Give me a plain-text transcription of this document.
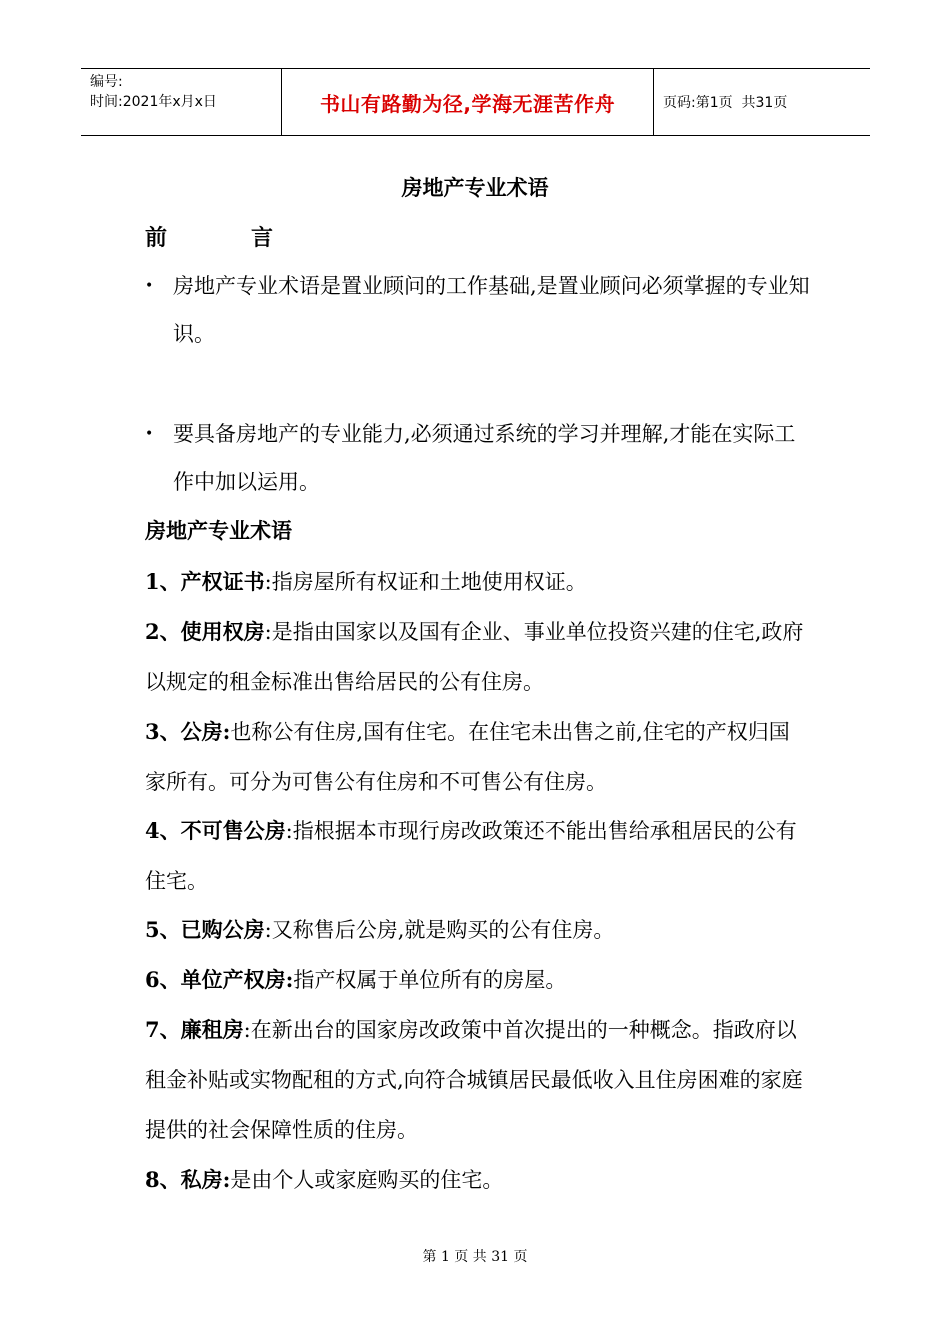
编号:
时间:2021年x月x日	书山有路勤为径,学海无涯苦作舟	页码:第1页  共31页
房地产专业术语
前	言
• 房地产专业术语是置业顾问的工作基础,是置业顾问必须掌握的专业知识。
• 要具备房地产的专业能力,必须通过系统的学习并理解,才能在实际工作中加以运用。
房地产专业术语
1、产权证书:指房屋所有权证和土地使用权证。
2、使用权房:是指由国家以及国有企业、事业单位投资兴建的住宅,政府以规定的租金标准出售给居民的公有住房。
3、公房:也称公有住房,国有住宅。在住宅未出售之前,住宅的产权归国家所有。可分为可售公有住房和不可售公有住房。
4、不可售公房:指根据本市现行房改政策还不能出售给承租居民的公有住宅。
5、已购公房:又称售后公房,就是购买的公有住房。
6、单位产权房:指产权属于单位所有的房屋。
7、廉租房:在新出台的国家房改政策中首次提出的一种概念。指政府以租金补贴或实物配租的方式,向符合城镇居民最低收入且住房困难的家庭提供的社会保障性质的住房。
8、私房:是由个人或家庭购买的住宅。
第 1 页 共 31 页
